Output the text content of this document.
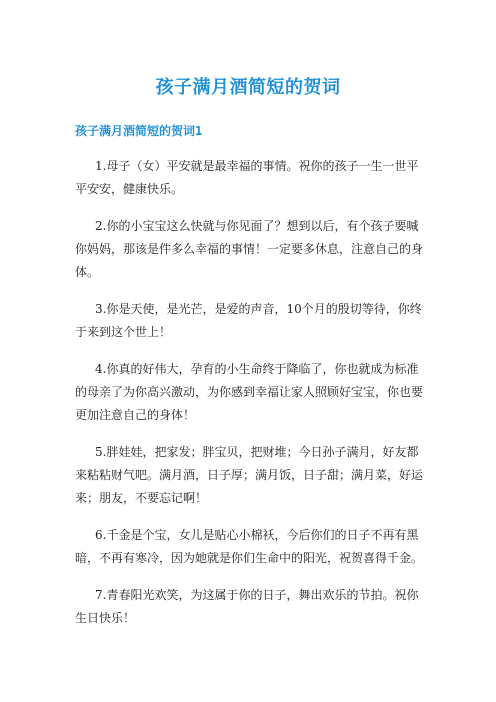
孩子满月酒简短的贺词
孩子满月酒简短的贺词1

1.母子（女）平安就是最幸福的事情。祝你的孩子一生一世平平安安，健康快乐。

2.你的小宝宝这么快就与你见面了？想到以后，有个孩子要喊你妈妈，那该是件多么幸福的事情！一定要多休息，注意自己的身体。

3.你是天使，是光芒，是爱的声音，10个月的殷切等待，你终于来到这个世上！

4.你真的好伟大，孕育的小生命终于降临了，你也就成为标准的母亲了为你高兴激动，为你感到幸福让家人照顾好宝宝，你也要更加注意自己的身体！

5.胖娃娃，把家发；胖宝贝，把财堆；今日孙子满月，好友都来粘粘财气吧。满月酒，日子厚；满月饭，日子甜；满月菜，好运来；朋友，不要忘记啊！

6.千金是个宝，女儿是贴心小棉袄，今后你们的日子不再有黑暗，不再有寒冷，因为她就是你们生命中的阳光，祝贺喜得千金。

7.青春阳光欢笑，为这属于你的日子，舞出欢乐的节拍。祝你生日快乐！
